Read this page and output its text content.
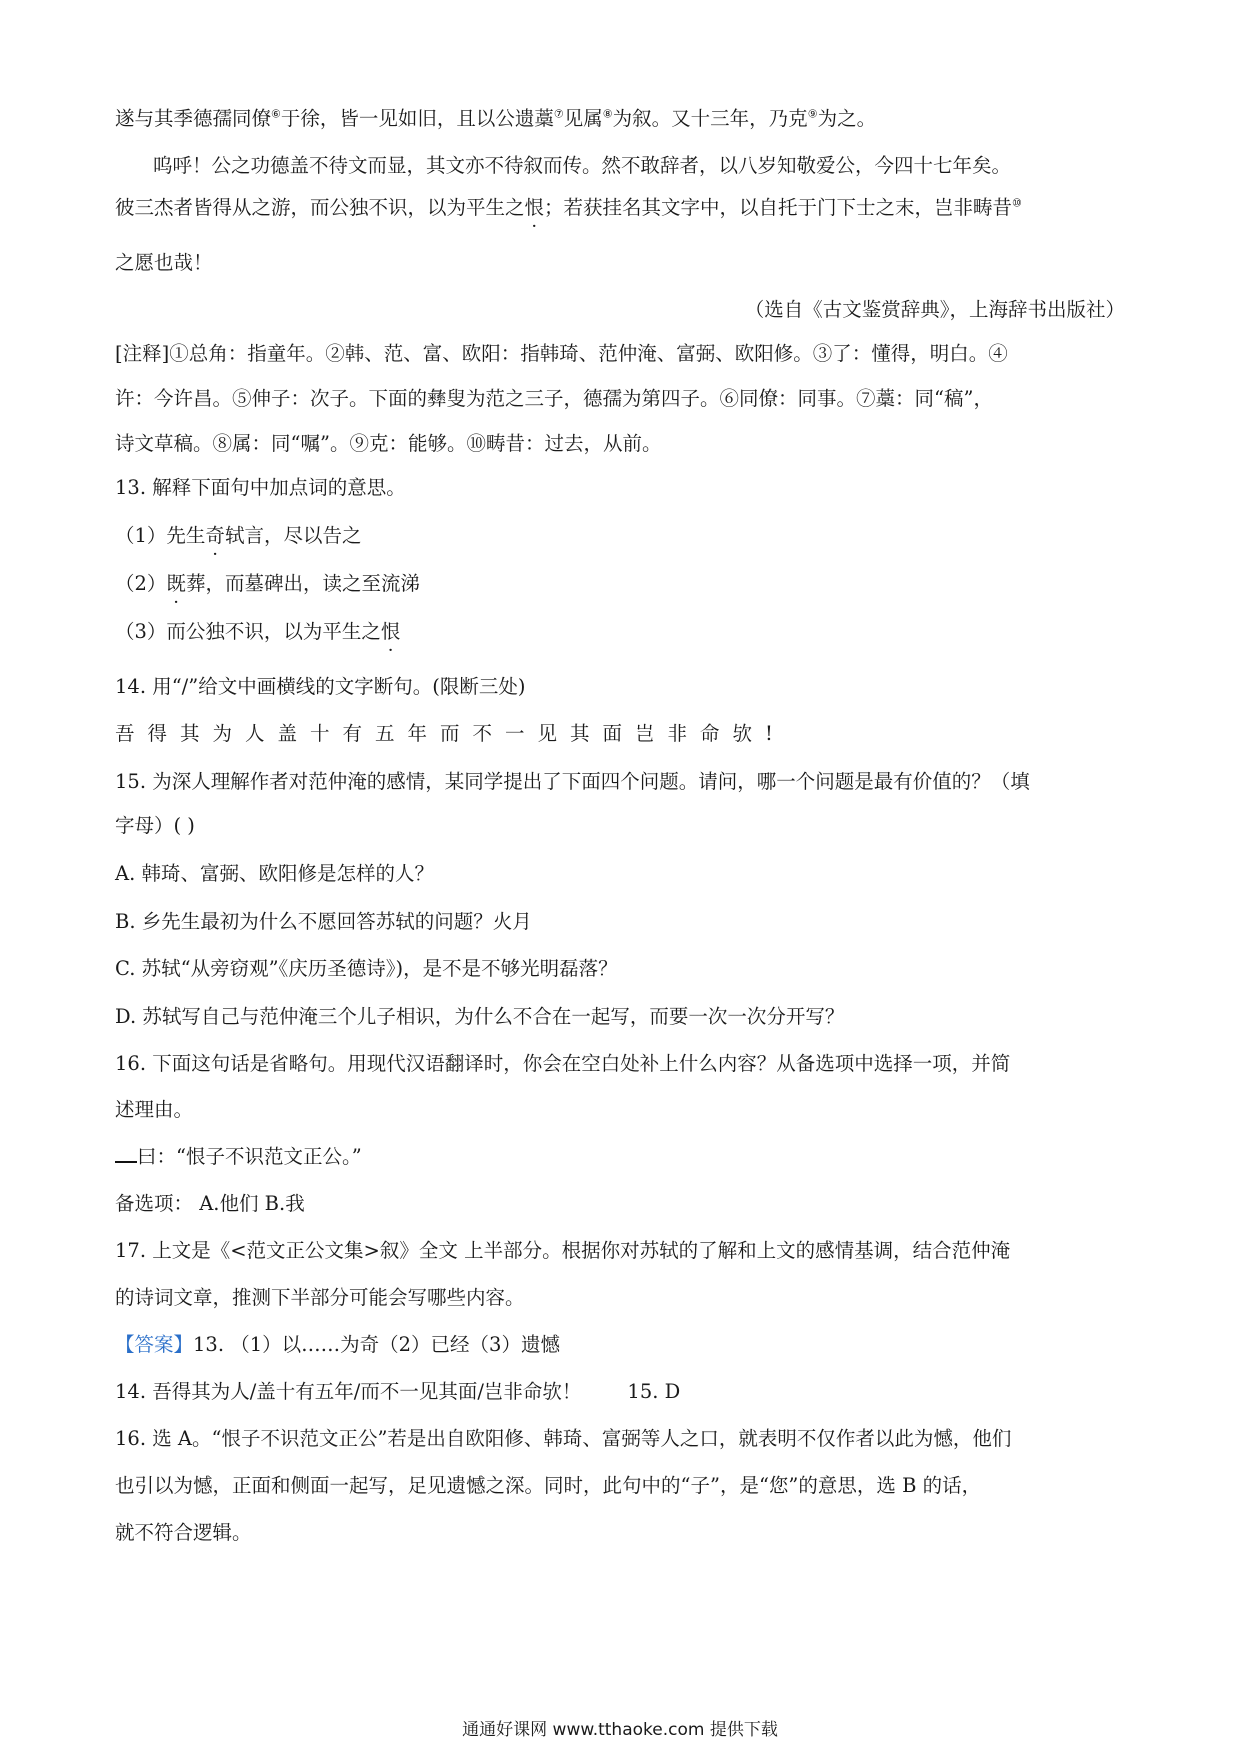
遂与其季德孺同僚⑥于徐，皆一见如旧，且以公遗藁⑦见属⑧为叙。又十三年，乃克⑨为之。
呜呼！公之功德盖不待文而显，其文亦不待叙而传。然不敢辞者，以八岁知敬爱公，今四十七年矣。
彼三杰者皆得从之游，而公独不识，以为平生之恨；若获挂名其文字中，以自托于门下士之末，岂非畴昔⑩
之愿也哉！
（选自《古文鉴赏辞典》，上海辞书出版社）
[注释]①总角：指童年。②韩、范、富、欧阳：指韩琦、范仲淹、富弼、欧阳修。③了：懂得，明白。④
许：今许昌。⑤伸子：次子。下面的彝叟为范之三子，德孺为第四子。⑥同僚：同事。⑦藁：同“稿”，
诗文草稿。⑧属：同“嘱”。⑨克：能够。⑩畴昔：过去，从前。
13. 解释下面句中加点词的意思。
（1）先生奇轼言，尽以告之
（2）既葬，而墓碑出，读之至流涕
（3）而公独不识，以为平生之恨
14. 用“/”给文中画横线的文字断句。(限断三处)
吾得其为人盖十有五年而不一见其面岂非命欤!
15. 为深人理解作者对范仲淹的感情，某同学提出了下面四个问题。请问，哪一个问题是最有价值的？（填
字母）( )
A. 韩琦、富弼、欧阳修是怎样的人？
B. 乡先生最初为什么不愿回答苏轼的问题？火月
C. 苏轼“从旁窃观”《庆历圣德诗》)，是不是不够光明磊落？
D. 苏轼写自己与范仲淹三个儿子相识，为什么不合在一起写，而要一次一次分开写？
16. 下面这句话是省略句。用现代汉语翻译时，你会在空白处补上什么内容？从备选项中选择一项，并简
述理由。
曰：“恨子不识范文正公。”
备选项： A.他们 B.我
17. 上文是《<范文正公文集>叙》全文 上半部分。根据你对苏轼的了解和上文的感情基调，结合范仲淹
的诗词文章，推测下半部分可能会写哪些内容。
【答案】13. （1）以……为奇（2）已经（3）遗憾
14. 吾得其为人/盖十有五年/而不一见其面/岂非命欤！ 15. D
16. 选 A。“恨子不识范文正公”若是出自欧阳修、韩琦、富弼等人之口，就表明不仅作者以此为憾，他们
也引以为憾，正面和侧面一起写，足见遗憾之深。同时，此句中的“子”，是“您”的意思，选 B 的话，
就不符合逻辑。
通通好课网 www.tthaoke.com 提供下载
